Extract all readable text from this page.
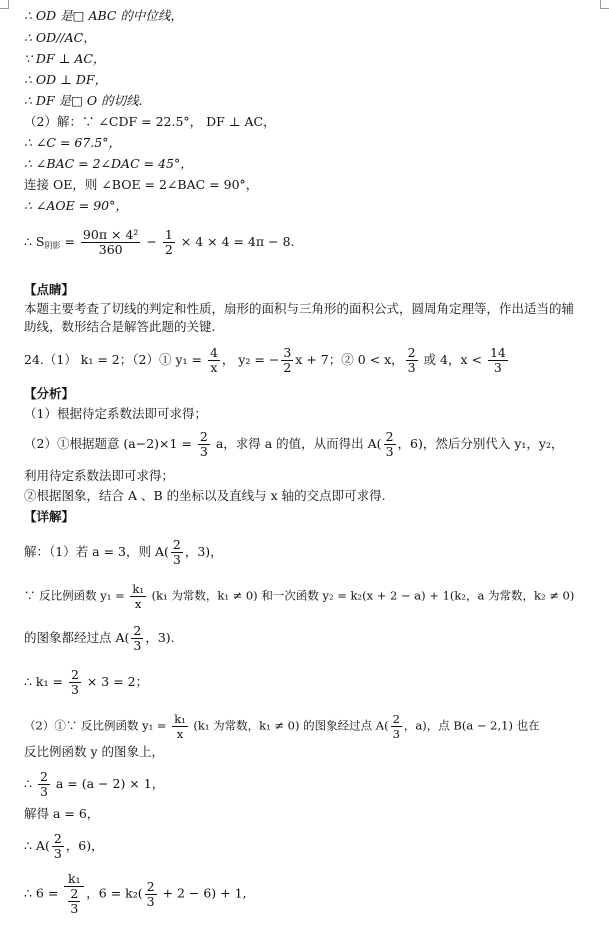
∴ OD 是□ ABC 的中位线，
∴ OD//AC，
∵ DF ⊥ AC，
∴ OD ⊥ DF，
∴ DF 是□ O 的切线.
（2）解：∵ ∠CDF = 22.5°， DF ⊥ AC，
∴ ∠C = 67.5°，
∴ ∠BAC = 2∠DAC = 45°，
连接 OE，则 ∠BOE = 2∠BAC = 90°，
∴ ∠AOE = 90°，
∴ $S_{阴影} = \frac{\text{90π × 4²}}{360} - \frac{1}{2} \times 4 \times 4 = 4\pi - 8$.
【点睛】
本题主要考查了切线的判定和性质，扇形的面积与三角形的面积公式，圆周角定理等，作出适当的辅助线，数形结合是解答此题的关键.
24.（1） k₁ = 2；（2）① $y_1 = \frac{4}{x}$ ， y₂ = − $\frac{3}{2}$ x + 7；② 0 < x， $\frac{2}{3}$ 或 4，$x < \frac{14}{3}$
【分析】
（1）根据待定系数法即可求得；
（2）①根据题意 $(a-2)\times 1 = \frac{2}{3}$ a，求得 a 的值，从而得出 $A( \frac{2}{3}$ ，6)，然后分别代入 y₁，y₂，
利用待定系数法即可求得；
②根据图象，结合 A 、B 的坐标以及直线与 x 轴的交点即可求得.
【详解】
解：（1）若 a = 3，则 $A( \frac{2}{3}$ ，3)，
∵ 反比例函数 $y_1 = \frac{\text{k₁}}{x} (k_1$ 为常数，k₁ ≠ 0) 和一次函数 y₂ = k₂(x + 2 − a) + 1(k₂，a 为常数，k₂ ≠ 0)
的图象都经过点 $A( \frac{2}{3}$ ，3).
∴ $k_1 = \frac{2}{3} \times 3 = 2$；
（2）①∵ 反比例函数 $y_1 = \frac{\text{k₁}}{x} (k_1$ 为常数，k₁ ≠ 0) 的图象经过点 $A( \frac{2}{3}$ ，a)，点 B(a − 2,1) 也在
反比例函数 y 的图象上，
∴ $\frac{2}{3}$ a = (a − 2) × 1，
解得 a = 6，
∴ $A( \frac{2}{3}$ ，6)，
∴ $6 = \frac{\text{k₁}}{\frac{2}{3}}$ ，$6 = k_2( \frac{2}{3} + 2 - 6) + 1$,
